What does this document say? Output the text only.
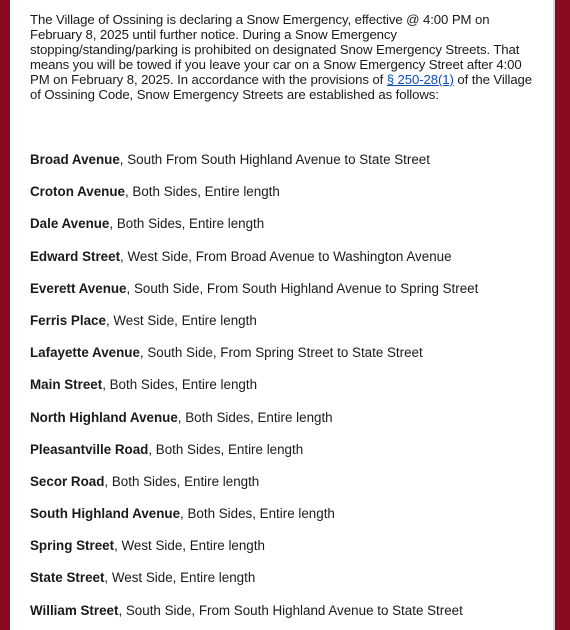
The Village of Ossining is declaring a Snow Emergency, effective @ 4:00 PM on February 8, 2025 until further notice. During a Snow Emergency stopping/standing/parking is prohibited on designated Snow Emergency Streets. That means you will be towed if you leave your car on a Snow Emergency Street after 4:00 PM on February 8, 2025. In accordance with the provisions of § 250-28(1) of the Village of Ossining Code, Snow Emergency Streets are established as follows:

Broad Avenue, South From South Highland Avenue to State Street
Croton Avenue, Both Sides, Entire length
Dale Avenue, Both Sides, Entire length
Edward Street, West Side, From Broad Avenue to Washington Avenue
Everett Avenue, South Side, From South Highland Avenue to Spring Street
Ferris Place, West Side, Entire length
Lafayette Avenue, South Side, From Spring Street to State Street
Main Street, Both Sides, Entire length
North Highland Avenue, Both Sides, Entire length
Pleasantville Road, Both Sides, Entire length
Secor Road, Both Sides, Entire length
South Highland Avenue, Both Sides, Entire length
Spring Street, West Side, Entire length
State Street, West Side, Entire length
William Street, South Side, From South Highland Avenue to State Street
